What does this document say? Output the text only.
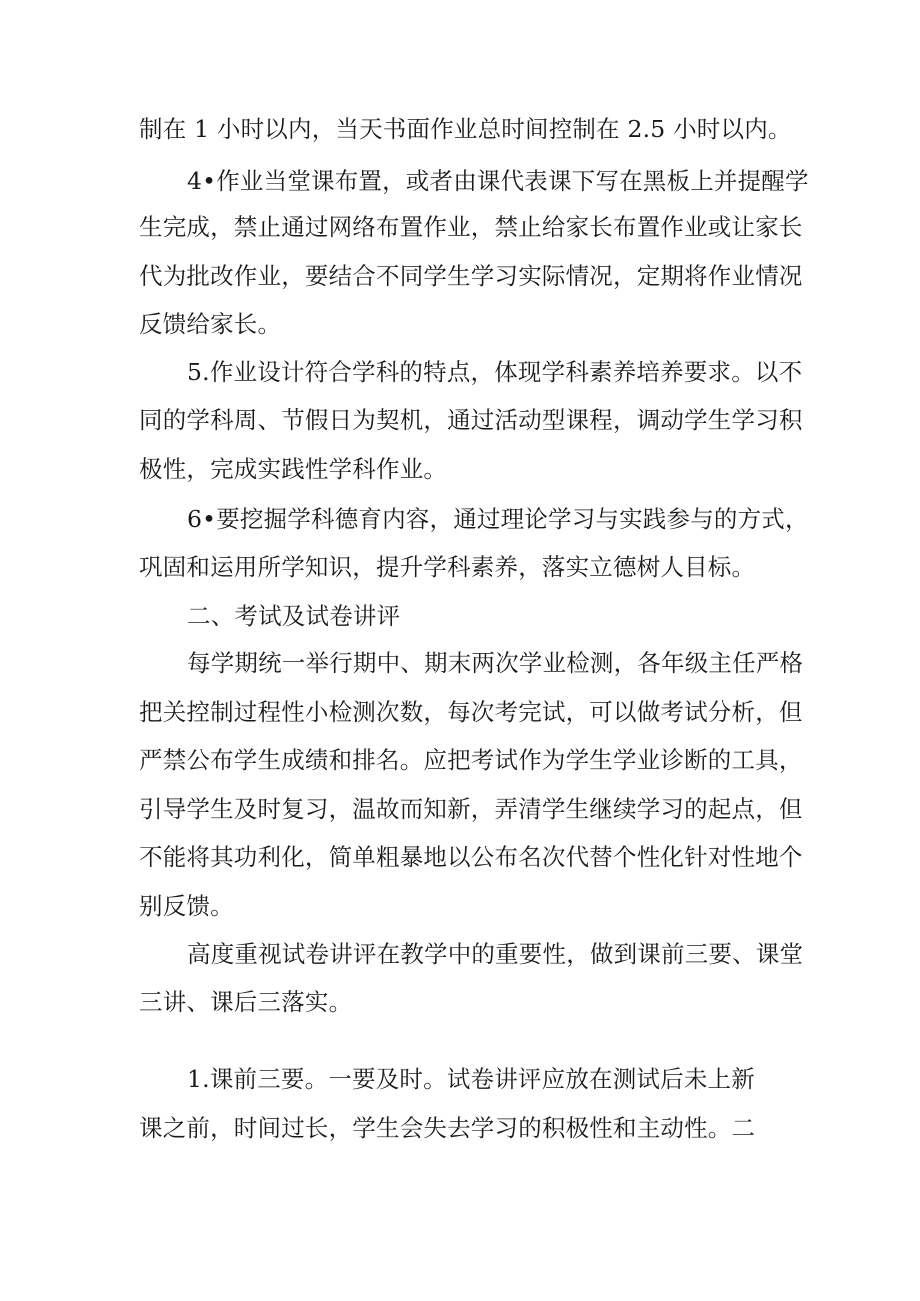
制在 1 小时以内，当天书面作业总时间控制在 2.5 小时以内。
4•作业当堂课布置，或者由课代表课下写在黑板上并提醒学
生完成，禁止通过网络布置作业，禁止给家长布置作业或让家长
代为批改作业，要结合不同学生学习实际情况，定期将作业情况
反馈给家长。
5.作业设计符合学科的特点，体现学科素养培养要求。以不
同的学科周、节假日为契机，通过活动型课程，调动学生学习积
极性，完成实践性学科作业。
6•要挖掘学科德育内容，通过理论学习与实践参与的方式，
巩固和运用所学知识，提升学科素养，落实立德树人目标。
二、考试及试卷讲评
每学期统一举行期中、期末两次学业检测，各年级主任严格
把关控制过程性小检测次数，每次考完试，可以做考试分析，但
严禁公布学生成绩和排名。应把考试作为学生学业诊断的工具，
引导学生及时复习，温故而知新，弄清学生继续学习的起点，但
不能将其功利化，简单粗暴地以公布名次代替个性化针对性地个
别反馈。
高度重视试卷讲评在教学中的重要性，做到课前三要、课堂
三讲、课后三落实。
1.课前三要。一要及时。试卷讲评应放在测试后未上新
课之前，时间过长，学生会失去学习的积极性和主动性。二
